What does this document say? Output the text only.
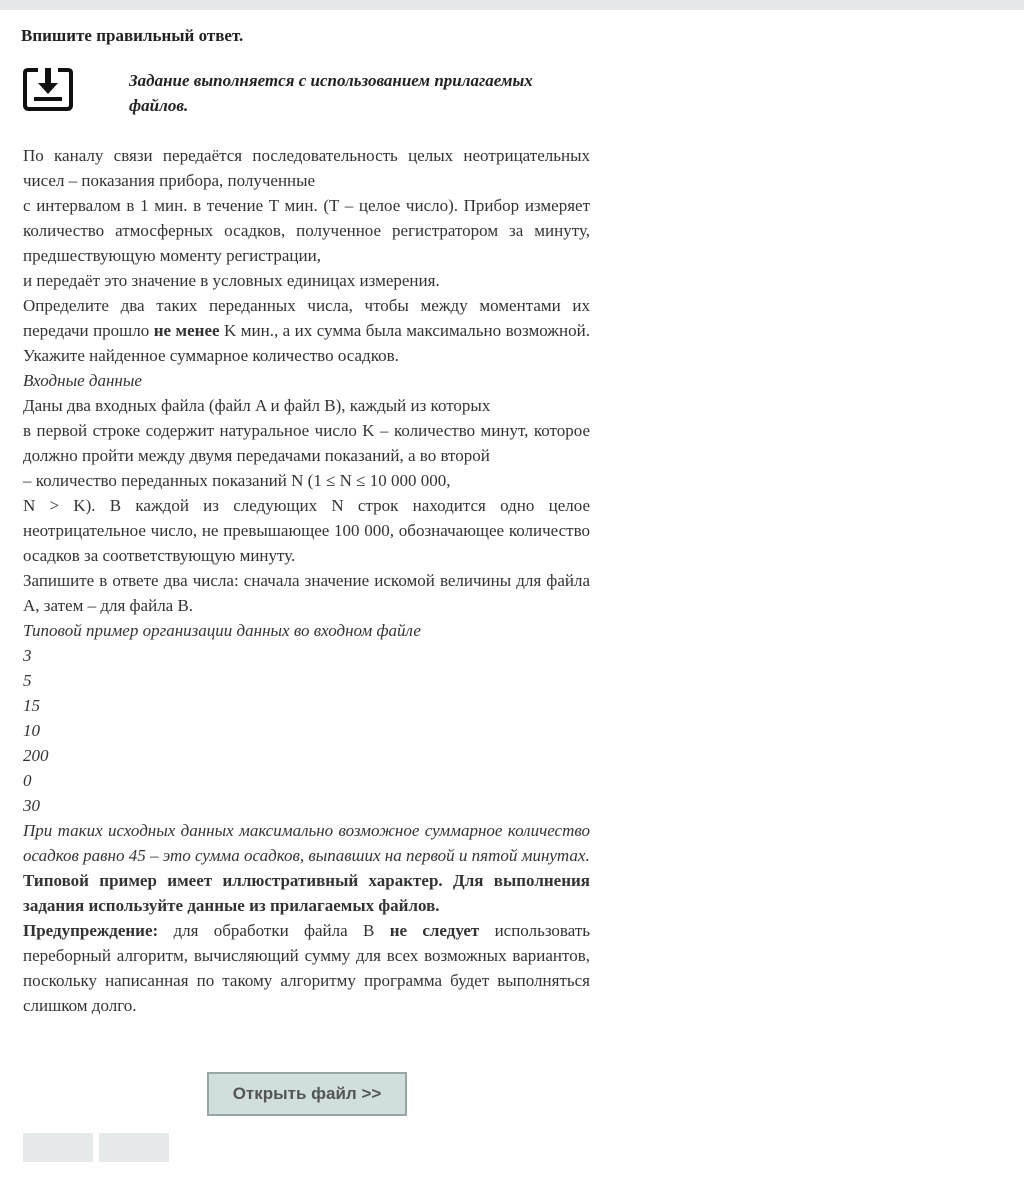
Впишите правильный ответ.
Задание выполняется с использованием прилагаемых файлов.

По каналу связи передаётся последовательность целых неотрицательных

чисел – показания прибора, полученные

с интервалом в 1 мин. в течение T мин. (T – целое число). Прибор измеряет количество атмосферных осадков, полученное регистратором за минуту, предшествующую моменту регистрации,

и передаёт это значение в условных единицах измерения.

Определите два таких переданных числа, чтобы между моментами их передачи прошло не менее K мин., а их сумма была максимально возможной. Укажите найденное суммарное количество осадков.

Входные данные

Даны два входных файла (файл A и файл B), каждый из которых

в первой строке содержит натуральное число K – количество минут, которое должно пройти между двумя передачами показаний, а во второй

– количество переданных показаний N (1 ≤ N ≤ 10 000 000,

N > K). В каждой из следующих N строк находится одно целое неотрицательное число, не превышающее 100 000, обозначающее количество осадков за соответствующую минуту.

Запишите в ответе два числа: сначала значение искомой величины для файла A, затем – для файла B.

Типовой пример организации данных во входном файле

3

5

15

10

200

0

30

При таких исходных данных максимально возможное суммарное количество осадков равно 45 – это сумма осадков, выпавших на первой и пятой минутах.

Типовой пример имеет иллюстративный характер. Для выполнения задания используйте данные из прилагаемых файлов.

Предупреждение: для обработки файла B не следует использовать переборный алгоритм, вычисляющий сумму для всех возможных вариантов, поскольку написанная по такому алгоритму программа будет выполняться слишком долго.

Открыть файл >>
